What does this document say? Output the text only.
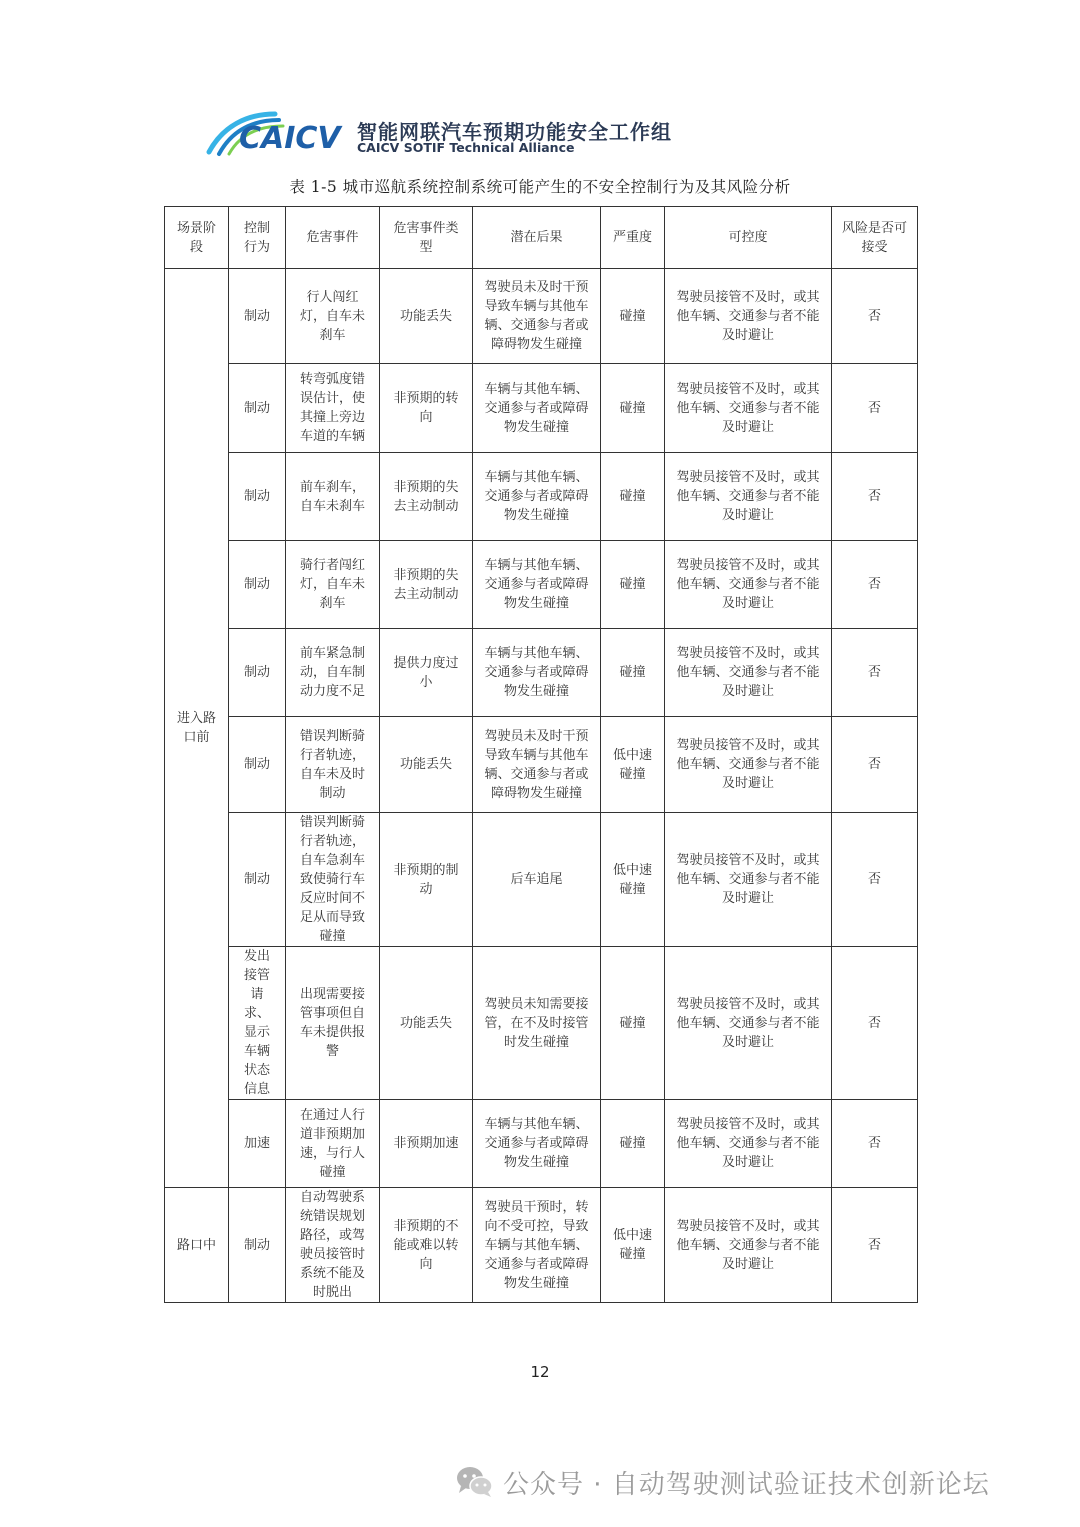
CAICV 智能网联汽车预期功能安全工作组
CAICV SOTIF Technical Alliance
表 1-5 城市巡航系统控制系统可能产生的不安全控制行为及其风险分析
场景阶段	控制行为	危害事件	危害事件类型	潜在后果	严重度	可控度	风险是否可接受
进入路口前	制动	行人闯红灯，自车未刹车	功能丢失	驾驶员未及时干预导致车辆与其他车辆、交通参与者或障碍物发生碰撞	碰撞	驾驶员接管不及时，或其他车辆、交通参与者不能及时避让	否
	制动	转弯弧度错误估计，使其撞上旁边车道的车辆	非预期的转向	车辆与其他车辆、交通参与者或障碍物发生碰撞	碰撞	驾驶员接管不及时，或其他车辆、交通参与者不能及时避让	否
	制动	前车刹车，自车未刹车	非预期的失去主动制动	车辆与其他车辆、交通参与者或障碍物发生碰撞	碰撞	驾驶员接管不及时，或其他车辆、交通参与者不能及时避让	否
	制动	骑行者闯红灯，自车未刹车	非预期的失去主动制动	车辆与其他车辆、交通参与者或障碍物发生碰撞	碰撞	驾驶员接管不及时，或其他车辆、交通参与者不能及时避让	否
	制动	前车紧急制动，自车制动力度不足	提供力度过小	车辆与其他车辆、交通参与者或障碍物发生碰撞	碰撞	驾驶员接管不及时，或其他车辆、交通参与者不能及时避让	否
	制动	错误判断骑行者轨迹，自车未及时制动	功能丢失	驾驶员未及时干预导致车辆与其他车辆、交通参与者或障碍物发生碰撞	低中速碰撞	驾驶员接管不及时，或其他车辆、交通参与者不能及时避让	否
	制动	错误判断骑行者轨迹，自车急刹车致使骑行车反应时间不足从而导致碰撞	非预期的制动	后车追尾	低中速碰撞	驾驶员接管不及时，或其他车辆、交通参与者不能及时避让	否
	发出接管请求、显示车辆状态信息	出现需要接管事项但自车未提供报警	功能丢失	驾驶员未知需要接管，在不及时接管时发生碰撞	碰撞	驾驶员接管不及时，或其他车辆、交通参与者不能及时避让	否
	加速	在通过人行道非预期加速，与行人碰撞	非预期加速	车辆与其他车辆、交通参与者或障碍物发生碰撞	碰撞	驾驶员接管不及时，或其他车辆、交通参与者不能及时避让	否
路口中	制动	自动驾驶系统错误规划路径，或驾驶员接管时系统不能及时脱出	非预期的不能或难以转向	驾驶员干预时，转向不受可控，导致车辆与其他车辆、交通参与者或障碍物发生碰撞	低中速碰撞	驾驶员接管不及时，或其他车辆、交通参与者不能及时避让	否
12
公众号 · 自动驾驶测试验证技术创新论坛
